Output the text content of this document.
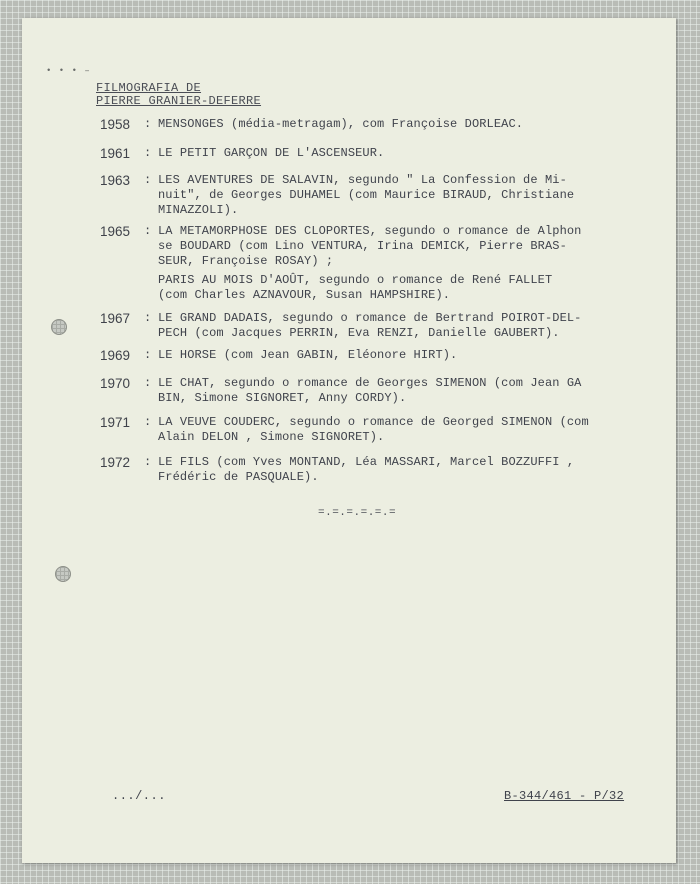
• • • –
FILMOGRAFIA DE
PIERRE GRANIER-DEFERRE
1958	: MENSONGES (média-metragam), com Françoise DORLEAC.
1961	: LE PETIT GARÇON DE L'ASCENSEUR.
1963	: LES AVENTURES DE SALAVIN, segundo " La Confession de Mi-
nuit", de Georges DUHAMEL (com Maurice BIRAUD, Christiane
MINAZZOLI).
1965	: LA METAMORPHOSE DES CLOPORTES, segundo o romance de Alphon
se BOUDARD (com Lino VENTURA, Irina DEMICK, Pierre BRAS-
SEUR, Françoise ROSAY) ;
PARIS AU MOIS D'AOÛT, segundo o romance de René FALLET
(com Charles AZNAVOUR, Susan HAMPSHIRE).
1967	: LE GRAND DADAIS, segundo o romance de Bertrand POIROT-DEL-
PECH (com Jacques PERRIN, Eva RENZI, Danielle GAUBERT).
1969	: LE HORSE (com Jean GABIN, Eléonore HIRT).
1970	: LE CHAT, segundo o romance de Georges SIMENON (com Jean GA
BIN, Simone SIGNORET, Anny CORDY).
1971	: LA VEUVE COUDERC, segundo o romance de Georged SIMENON (com
Alain DELON , Simone SIGNORET).
1972	: LE FILS (com Yves MONTAND, Léa MASSARI, Marcel BOZZUFFI ,
Frédéric de PASQUALE).
=.=.=.=.=.=
.../...	B-344/461 - P/32
